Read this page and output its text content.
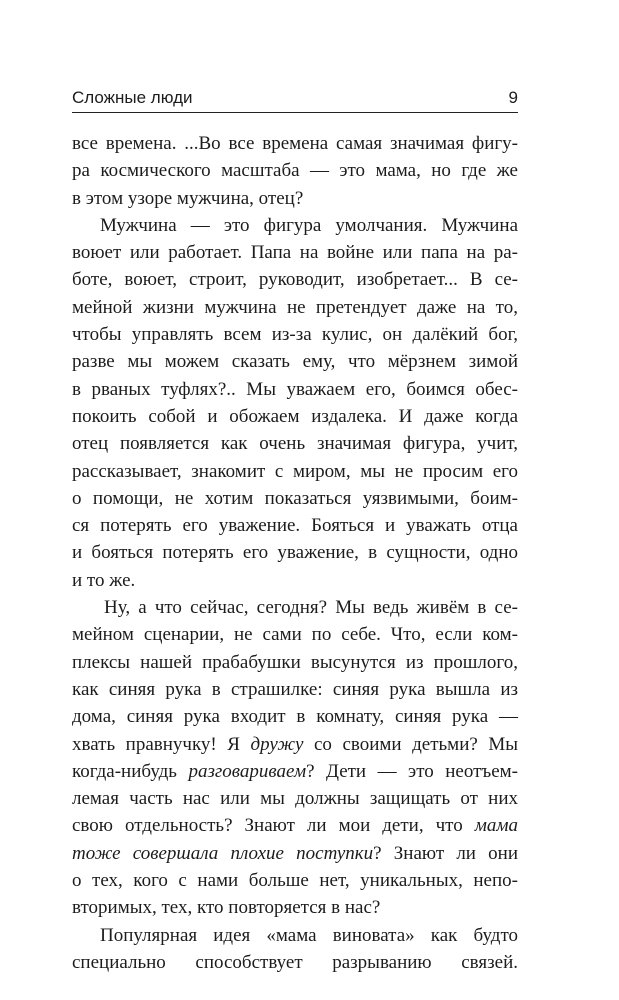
Сложные люди	9
все времена. ...Во все времена самая значимая фигу-
ра космического масштаба — это мама, но где же
в этом узоре мужчина, отец?
Мужчина — это фигура умолчания. Мужчина
воюет или работает. Папа на войне или папа на ра-
боте, воюет, строит, руководит, изобретает... В се-
мейной жизни мужчина не претендует даже на то,
чтобы управлять всем из-за кулис, он далёкий бог,
разве мы можем сказать ему, что мёрзнем зимой
в рваных туфлях?.. Мы уважаем его, боимся обес-
покоить собой и обожаем издалека. И даже когда
отец появляется как очень значимая фигура, учит,
рассказывает, знакомит с миром, мы не просим его
о помощи, не хотим показаться уязвимыми, боим-
ся потерять его уважение. Бояться и уважать отца
и бояться потерять его уважение, в сущности, одно
и то же.
Ну, а что сейчас, сегодня? Мы ведь живём в се-
мейном сценарии, не сами по себе. Что, если ком-
плексы нашей прабабушки высунутся из прошлого,
как синяя рука в страшилке: синяя рука вышла из
дома, синяя рука входит в комнату, синяя рука —
хвать правнучку! Я дружу со своими детьми? Мы
когда-нибудь разговариваем? Дети — это неотъем-
лемая часть нас или мы должны защищать от них
свою отдельность? Знают ли мои дети, что мама
тоже совершала плохие поступки? Знают ли они
о тех, кого с нами больше нет, уникальных, непо-
вторимых, тех, кто повторяется в нас?
Популярная идея «мама виновата» как будто
специально способствует разрыванию связей.
